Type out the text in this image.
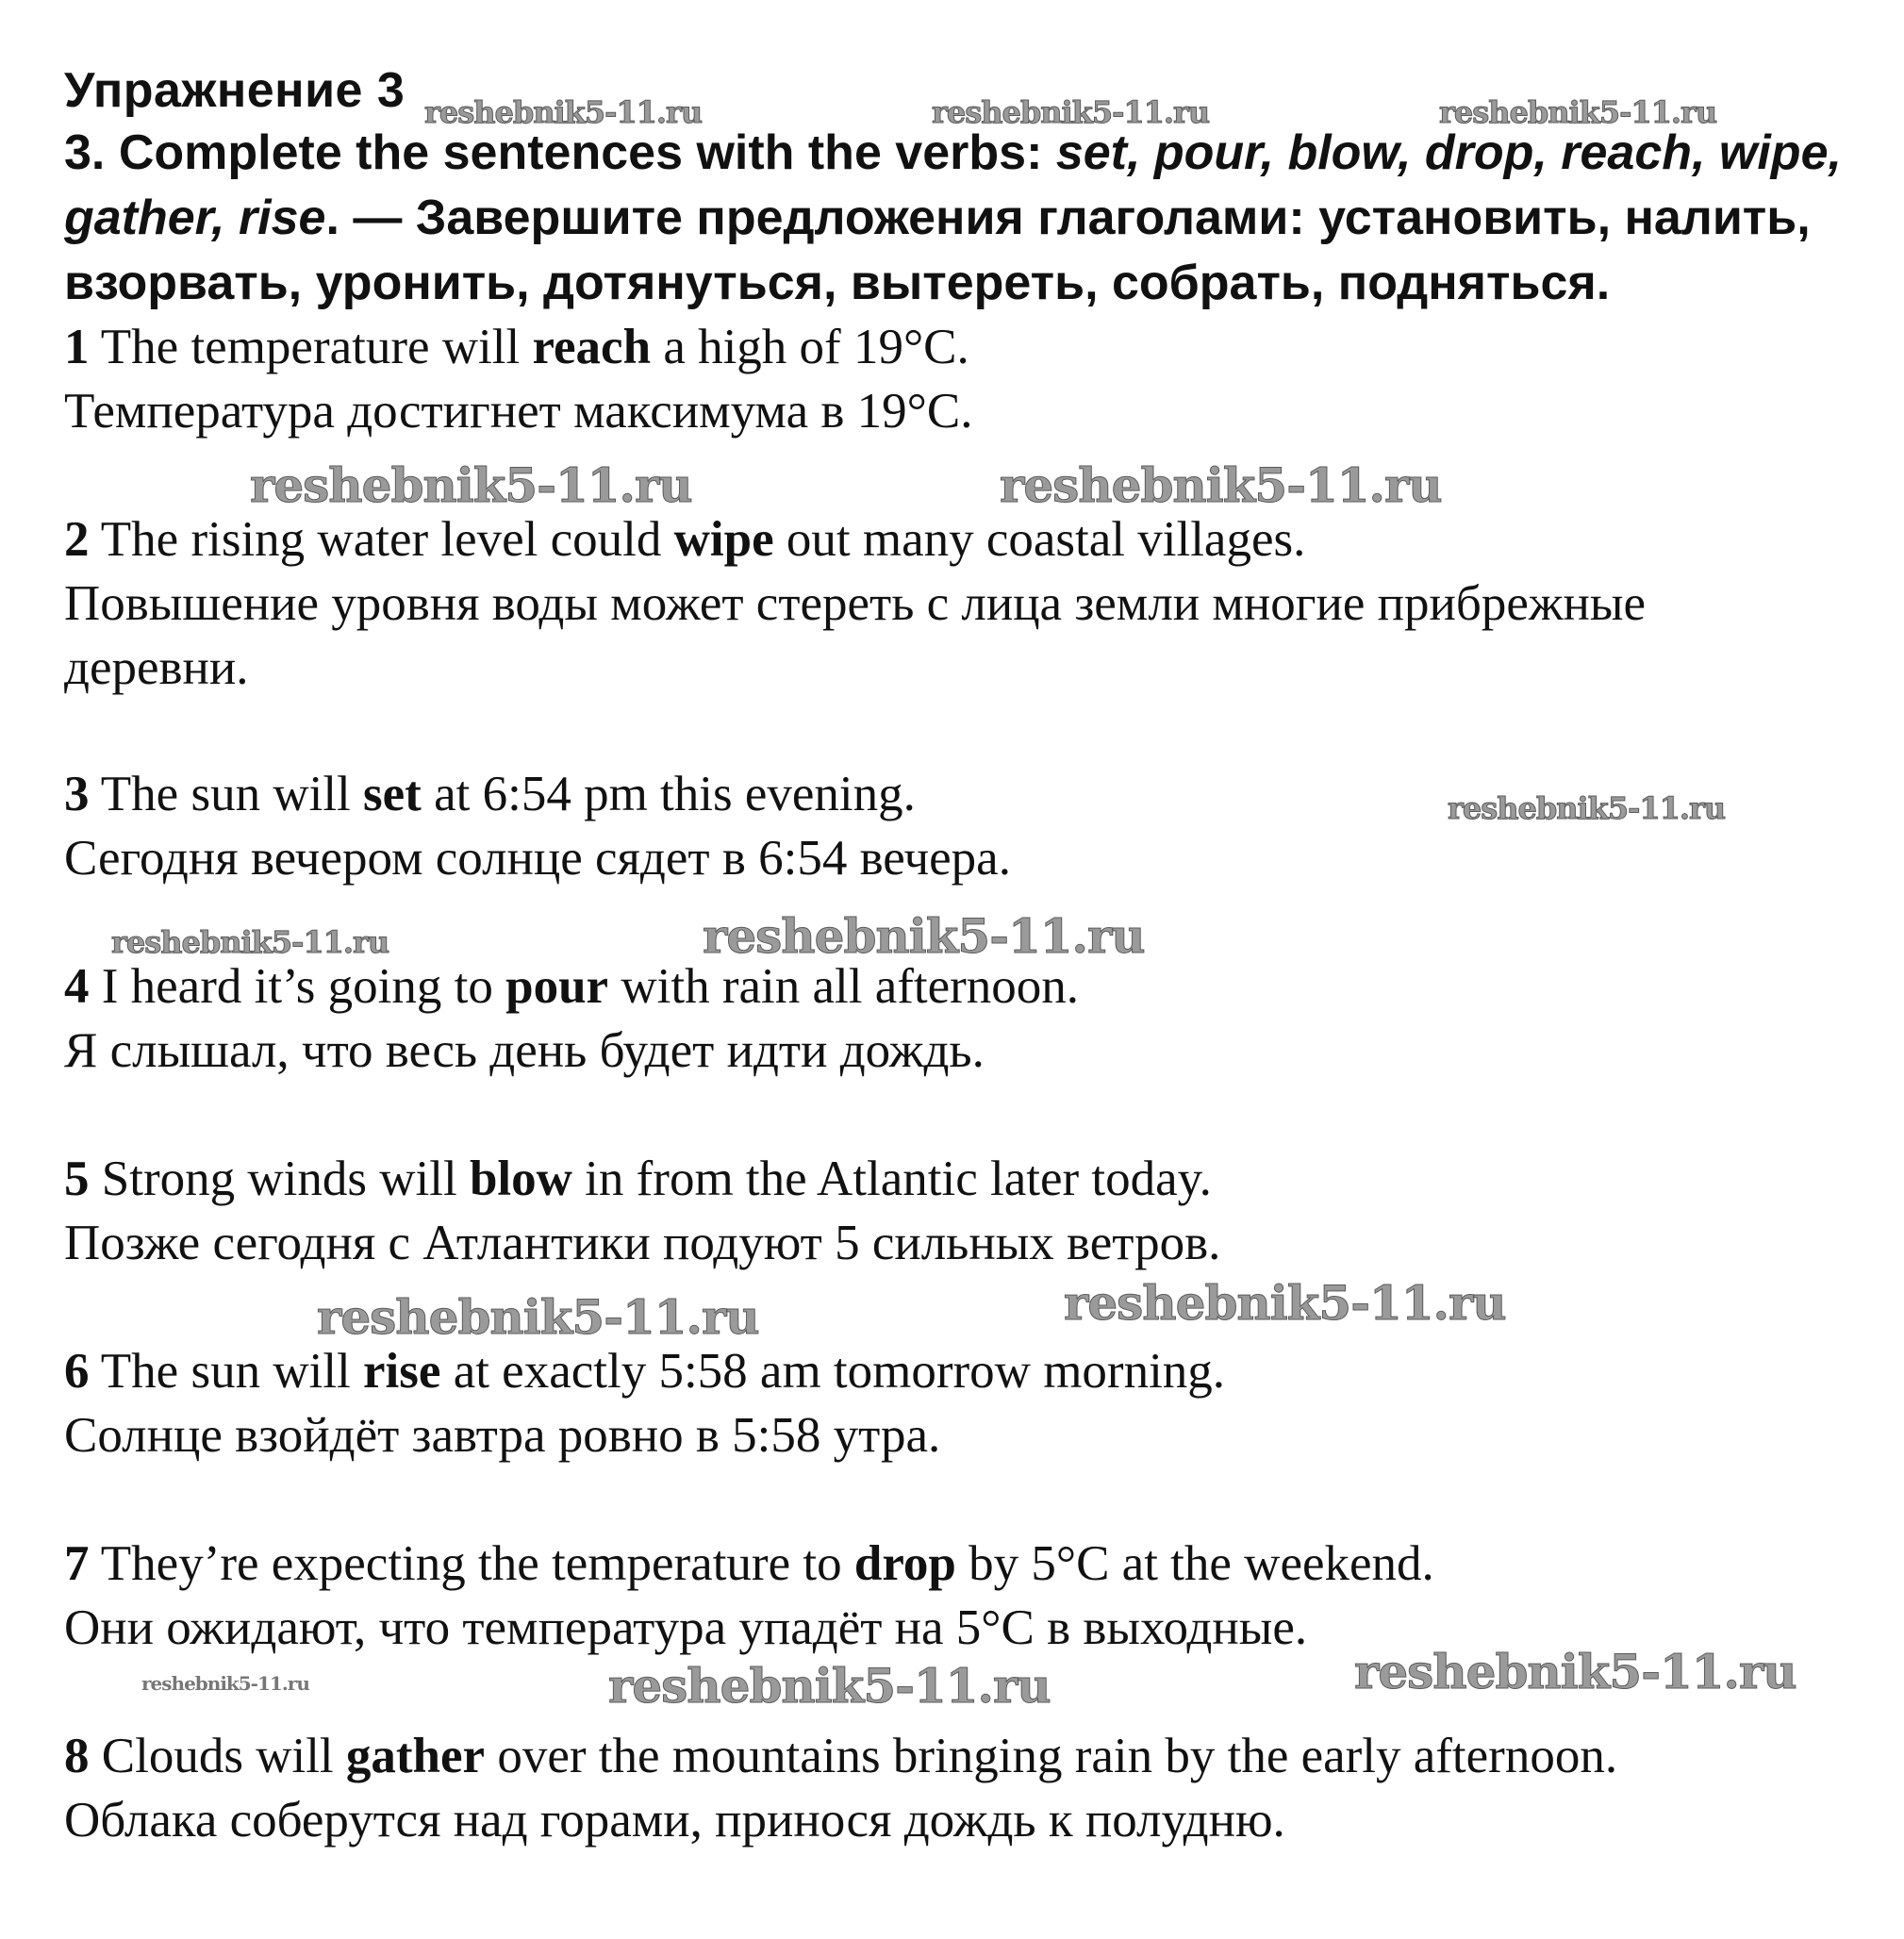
Упражнение 3
3. Complete the sentences with the verbs: set, pour, blow, drop, reach, wipe,
gather, rise. — Завершите предложения глаголами: установить, налить,
взорвать, уронить, дотянуться, вытереть, собрать, подняться.
1 The temperature will reach a high of 19°C.
Температура достигнет максимума в 19°C.
2 The rising water level could wipe out many coastal villages.
Повышение уровня воды может стереть с лица земли многие прибрежные
деревни.
3 The sun will set at 6:54 pm this evening.
Сегодня вечером солнце сядет в 6:54 вечера.
4 I heard it’s going to pour with rain all afternoon.
Я слышал, что весь день будет идти дождь.
5 Strong winds will blow in from the Atlantic later today.
Позже сегодня с Атлантики подуют 5 сильных ветров.
6 The sun will rise at exactly 5:58 am tomorrow morning.
Солнце взойдёт завтра ровно в 5:58 утра.
7 They’re expecting the temperature to drop by 5°C at the weekend.
Они ожидают, что температура упадёт на 5°C в выходные.
8 Clouds will gather over the mountains bringing rain by the early afternoon.
Облака соберутся над горами, принося дождь к полудню.
reshebnik5-11.ru	reshebnik5-11.ru	reshebnik5-11.ru
reshebnik5-11.ru	reshebnik5-11.ru
reshebnik5-11.ru
reshebnik5-11.ru	reshebnik5-11.ru
reshebnik5-11.ru	reshebnik5-11.ru
reshebnik5-11.ru	reshebnik5-11.ru	reshebnik5-11.ru
